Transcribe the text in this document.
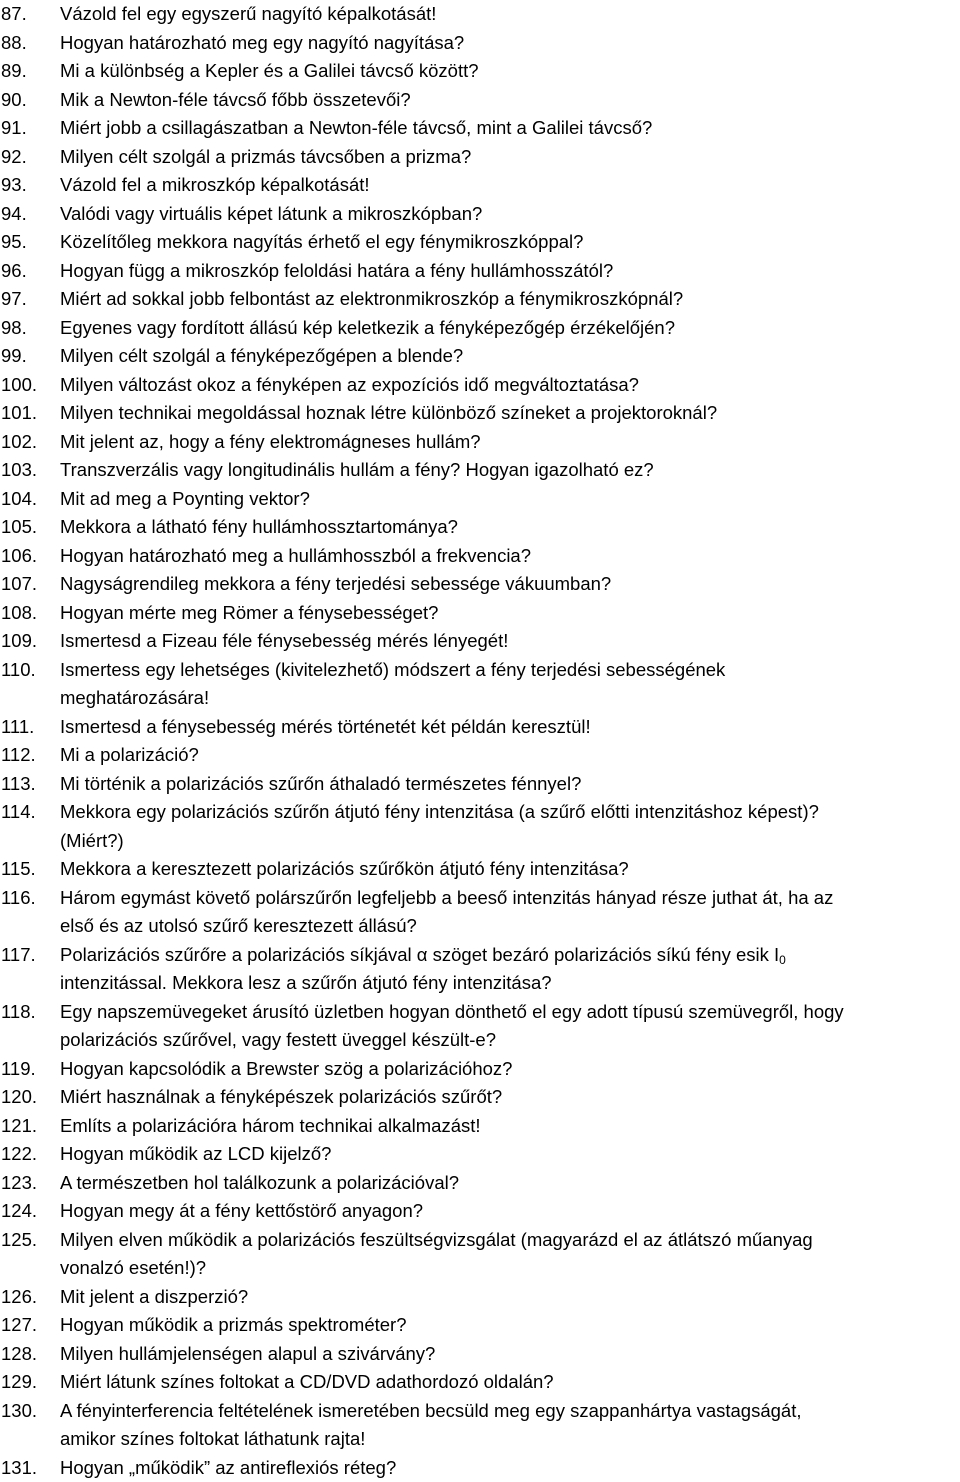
87.	Vázold fel egy egyszerű nagyító képalkotását!
88.	Hogyan határozható meg egy nagyító nagyítása?
89.	Mi a különbség a Kepler és a Galilei távcső között?
90.	Mik a Newton-féle távcső főbb összetevői?
91.	Miért jobb a csillagászatban a Newton-féle távcső, mint a Galilei távcső?
92.	Milyen célt szolgál a prizmás távcsőben a prizma?
93.	Vázold fel a mikroszkóp képalkotását!
94.	Valódi vagy virtuális képet látunk a mikroszkópban?
95.	Közelítőleg mekkora nagyítás érhető el egy fénymikroszkóppal?
96.	Hogyan függ a mikroszkóp feloldási határa a fény hullámhosszától?
97.	Miért ad sokkal jobb felbontást az elektronmikroszkóp a fénymikroszkópnál?
98.	Egyenes vagy fordított állású kép keletkezik a fényképezőgép érzékelőjén?
99.	Milyen célt szolgál a fényképezőgépen a blende?
100.	Milyen változást okoz a fényképen az expozíciós idő megváltoztatása?
101.	Milyen technikai megoldással hoznak létre különböző színeket a projektoroknál?
102.	Mit jelent az, hogy a fény elektromágneses hullám?
103.	Transzverzális vagy longitudinális hullám a fény? Hogyan igazolható ez?
104.	Mit ad meg a Poynting vektor?
105.	Mekkora a látható fény hullámhossztartománya?
106.	Hogyan határozható meg a hullámhosszból a frekvencia?
107.	Nagyságrendileg mekkora a fény terjedési sebessége vákuumban?
108.	Hogyan mérte meg Römer a fénysebességet?
109.	Ismertesd a Fizeau féle fénysebesség mérés lényegét!
110.	Ismertess egy lehetséges (kivitelezhető) módszert a fény terjedési sebességének
meghatározására!
111.	Ismertesd a fénysebesség mérés történetét két példán keresztül!
112.	Mi a polarizáció?
113.	Mi történik a polarizációs szűrőn áthaladó természetes fénnyel?
114.	Mekkora egy polarizációs szűrőn átjutó fény intenzitása (a szűrő előtti intenzitáshoz képest)?
(Miért?)
115.	Mekkora a keresztezett polarizációs szűrőkön átjutó fény intenzitása?
116.	Három egymást követő polárszűrőn legfeljebb a beeső intenzitás hányad része juthat át, ha az
első és az utolsó szűrő keresztezett állású?
117.	Polarizációs szűrőre a polarizációs síkjával α szöget bezáró polarizációs síkú fény esik $I_0$
intenzitással. Mekkora lesz a szűrőn átjutó fény intenzitása?
118.	Egy napszemüvegeket árusító üzletben hogyan dönthető el egy adott típusú szemüvegről, hogy
polarizációs szűrővel, vagy festett üveggel készült-e?
119.	Hogyan kapcsolódik a Brewster szög a polarizációhoz?
120.	Miért használnak a fényképészek polarizációs szűrőt?
121.	Említs a polarizációra három technikai alkalmazást!
122.	Hogyan működik az LCD kijelző?
123.	A természetben hol találkozunk a polarizációval?
124.	Hogyan megy át a fény kettőstörő anyagon?
125.	Milyen elven működik a polarizációs feszültségvizsgálat (magyarázd el az átlátszó műanyag
vonalzó esetén!)?
126.	Mit jelent a diszperzió?
127.	Hogyan működik a prizmás spektrométer?
128.	Milyen hullámjelenségen alapul a szivárvány?
129.	Miért látunk színes foltokat a CD/DVD adathordozó oldalán?
130.	A fényinterferencia feltételének ismeretében becsüld meg egy szappanhártya vastagságát,
amikor színes foltokat láthatunk rajta!
131.	Hogyan „működik” az antireflexiós réteg?
